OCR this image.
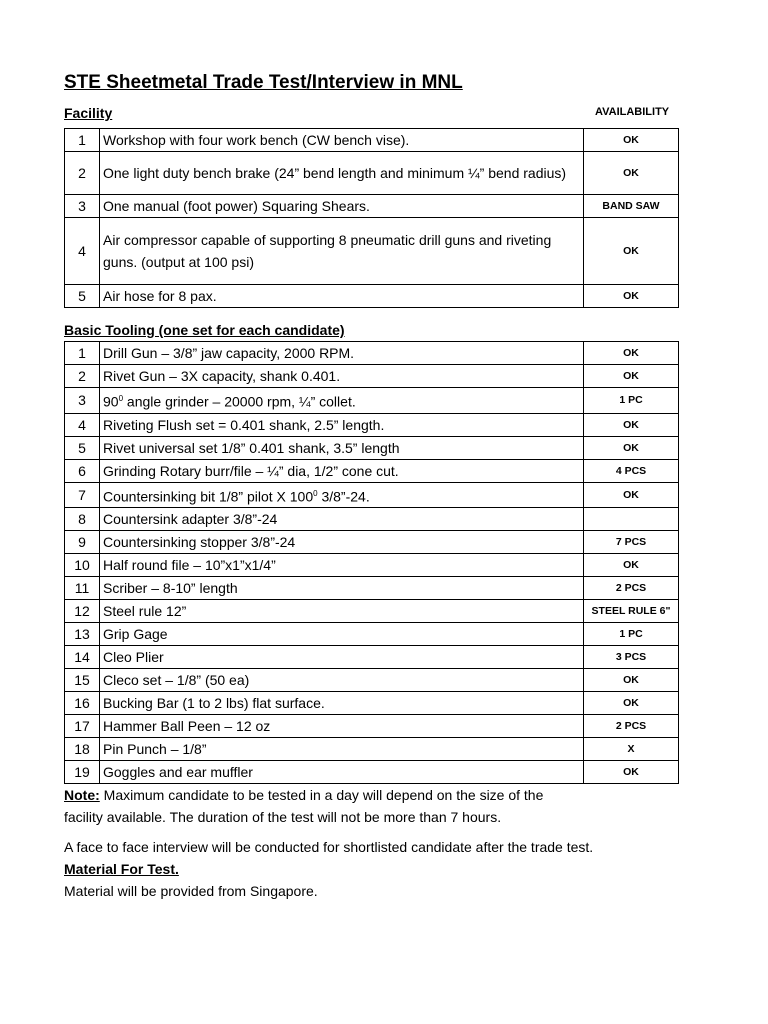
STE Sheetmetal Trade Test/Interview in MNL
Facility	AVAILABILITY
1	Workshop with four work bench (CW bench vise).	OK
2	One light duty bench brake (24” bend length and minimum ¼” bend radius)	OK
3	One manual (foot power) Squaring Shears.	BAND SAW
4	Air compressor capable of supporting 8 pneumatic drill guns and riveting guns. (output at 100 psi)	OK
5	Air hose for 8 pax.	OK
Basic Tooling (one set for each candidate)
1	Drill Gun – 3/8” jaw capacity, 2000 RPM.	OK
2	Rivet Gun – 3X capacity, shank 0.401.	OK
3	$90^0$ angle grinder – 20000 rpm, ¼” collet.	1 PC
4	Riveting Flush set = 0.401 shank, 2.5” length.	OK
5	Rivet universal set 1/8” 0.401 shank, 3.5” length	OK
6	Grinding Rotary burr/file – ¼” dia, 1/2” cone cut.	4 PCS
7	Countersinking bit 1/8” pilot X $100^0$ 3/8”-24.	OK
8	Countersink adapter 3/8”-24	
9	Countersinking stopper 3/8”-24	7 PCS
10	Half round file – 10”x1”x1/4”	OK
11	Scriber – 8-10” length	2 PCS
12	Steel rule 12”	STEEL RULE 6"
13	Grip Gage	1 PC
14	Cleo Plier	3 PCS
15	Cleco set – 1/8” (50 ea)	OK
16	Bucking Bar (1 to 2 lbs) flat surface.	OK
17	Hammer Ball Peen – 12 oz	2 PCS
18	Pin Punch – 1/8”	X
19	Goggles and ear muffler	OK
Note: Maximum candidate to be tested in a day will depend on the size of the
facility available. The duration of the test will not be more than 7 hours.
A face to face interview will be conducted for shortlisted candidate after the trade test.
Material For Test.
Material will be provided from Singapore.
